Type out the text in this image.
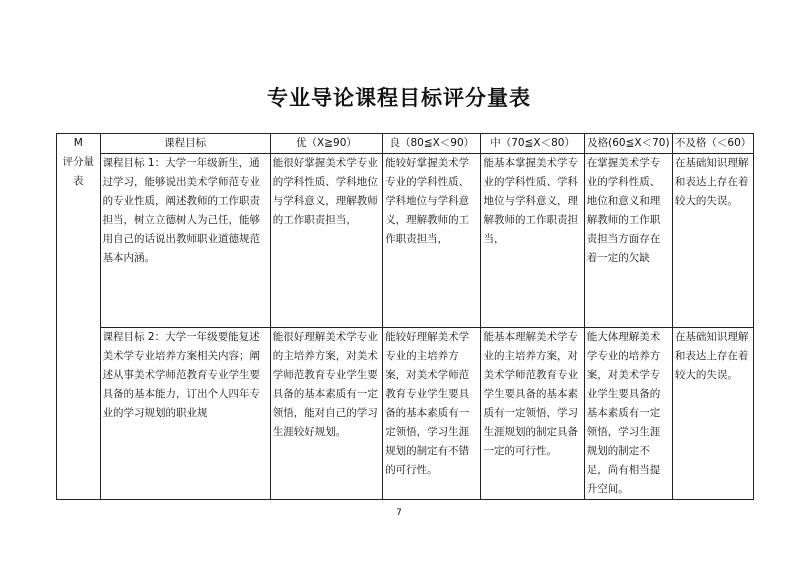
专业导论课程目标评分量表
M
评分量表	课程目标	优（X≧90）	良（80≦X＜90）	中（70≦X＜80）	及格(60≦X＜70)	不及格（＜60）
	课程目标 1：大学一年级新生，通过学习，能够说出美术学师范专业的专业性质，阐述教师的工作职责担当，树立立德树人为己任，能够用自己的话说出教师职业道德规范基本内涵。	能很好掌握美术学专业的学科性质、学科地位与学科意义，理解教师的工作职责担当，	能较好掌握美术学专业的学科性质、学科地位与学科意义，理解教师的工作职责担当，	能基本掌握美术学专业的学科性质、学科地位与学科意义，理解教师的工作职责担当，	在掌握美术学专业的学科性质、地位和意义和理解教师的工作职责担当方面存在着一定的欠缺	在基础知识理解和表达上存在着较大的失误。
	课程目标 2：大学一年级要能复述美术学专业培养方案相关内容；阐述从事美术学师范教育专业学生要具备的基本能力，订出个人四年专业的学习规划的职业规	能很好理解美术学专业的主培养方案，对美术学师范教育专业学生要具备的基本素质有一定领悟，能对自己的学习生涯较好规划。	能较好理解美术学专业的主培养方案，对美术学师范教育专业学生要具备的基本素质有一定领悟，学习生涯规划的制定有不错的可行性。	能基本理解美术学专业的主培养方案，对美术学师范教育专业学生要具备的基本素质有一定领悟，学习生涯规划的制定具备一定的可行性。	能大体理解美术学专业的培养方案，对美术学专业学生要具备的基本素质有一定领悟，学习生涯规划的制定不足，尚有相当提升空间。	在基础知识理解和表达上存在着较大的失误。
7
